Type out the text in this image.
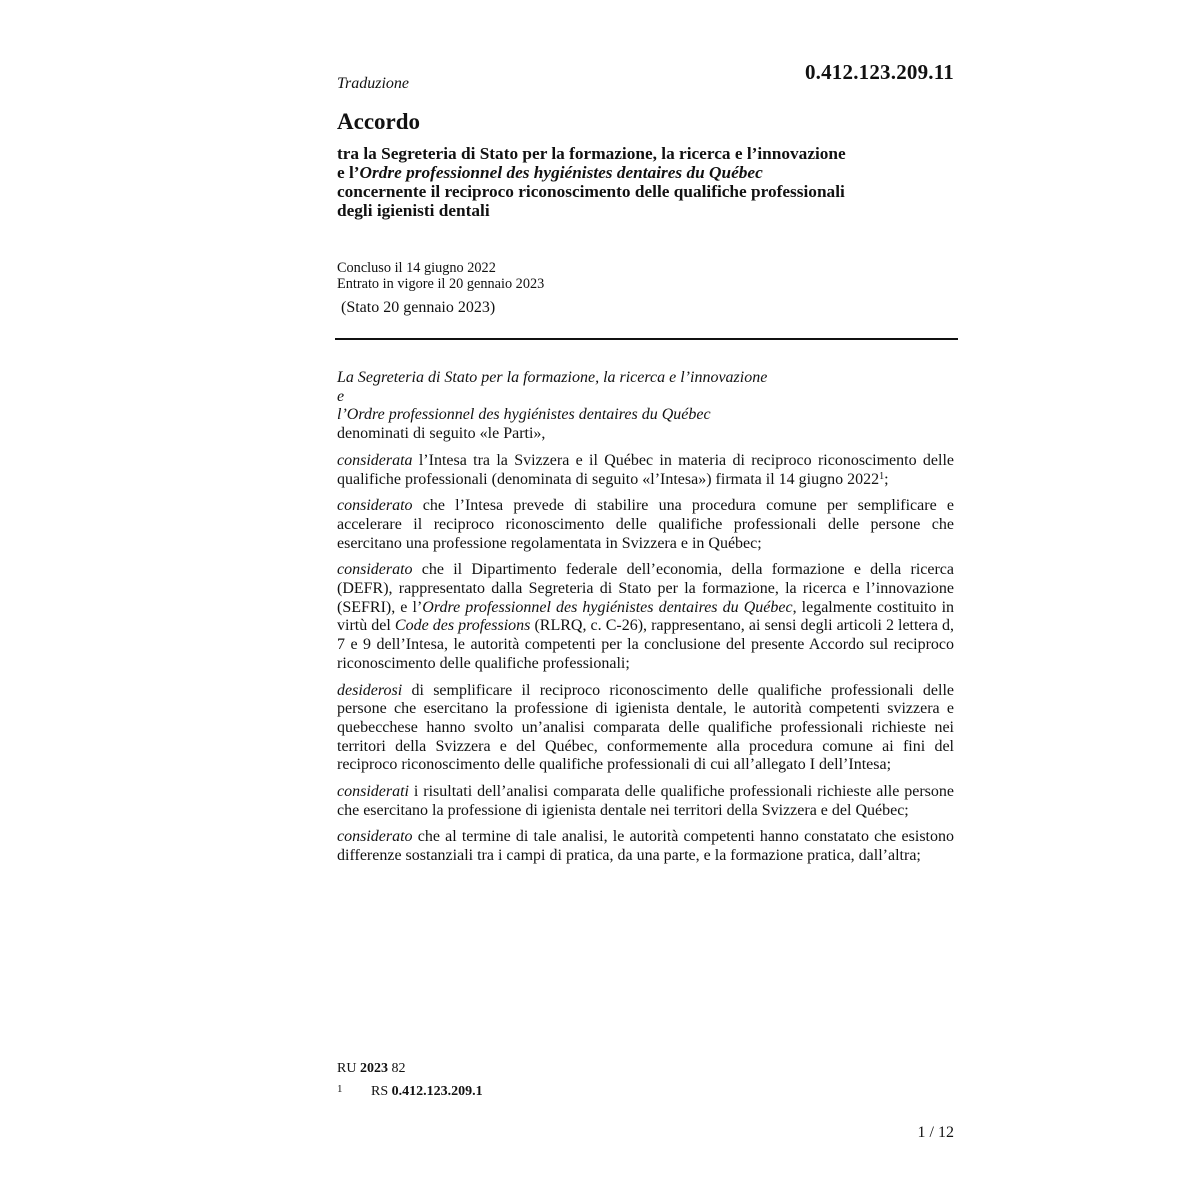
0.412.123.209.11
Traduzione
Accordo
tra la Segreteria di Stato per la formazione, la ricerca e l’innovazione
e l’Ordre professionnel des hygiénistes dentaires du Québec
concernente il reciproco riconoscimento delle qualifiche professionali
degli igienisti dentali
Concluso il 14 giugno 2022
Entrato in vigore il 20 gennaio 2023
(Stato 20 gennaio 2023)

La Segreteria di Stato per la formazione, la ricerca e l’innovazione

e

l’Ordre professionnel des hygiénistes dentaires du Québec

denominati di seguito «le Parti»,

considerata l’Intesa tra la Svizzera e il Québec in materia di reciproco riconoscimento delle qualifiche professionali (denominata di seguito «l’Intesa») firmata il 14 giugno 2022$^1$;

considerato che l’Intesa prevede di stabilire una procedura comune per semplificare e accelerare il reciproco riconoscimento delle qualifiche professionali delle persone che esercitano una professione regolamentata in Svizzera e in Québec;

considerato che il Dipartimento federale dell’economia, della formazione e della ricerca (DEFR), rappresentato dalla Segreteria di Stato per la formazione, la ricerca e l’innovazione (SEFRI), e l’Ordre professionnel des hygiénistes dentaires du Québec, legalmente costituito in virtù del Code des professions (RLRQ, c. C-26), rappresentano, ai sensi degli articoli 2 lettera d, 7 e 9 dell’Intesa, le autorità competenti per la conclusione del presente Accordo sul reciproco riconoscimento delle qualifiche professionali;

desiderosi di semplificare il reciproco riconoscimento delle qualifiche professionali delle persone che esercitano la professione di igienista dentale, le autorità competenti svizzera e quebecchese hanno svolto un’analisi comparata delle qualifiche professionali richieste nei territori della Svizzera e del Québec, conformemente alla procedura comune ai fini del reciproco riconoscimento delle qualifiche professionali di cui all’allegato I dell’Intesa;

considerati i risultati dell’analisi comparata delle qualifiche professionali richieste alle persone che esercitano la professione di igienista dentale nei territori della Svizzera e del Québec;

considerato che al termine di tale analisi, le autorità competenti hanno constatato che esistono differenze sostanziali tra i campi di pratica, da una parte, e la formazione pratica, dall’altra;

RU 2023 82
1 RS 0.412.123.209.1
1 / 12
